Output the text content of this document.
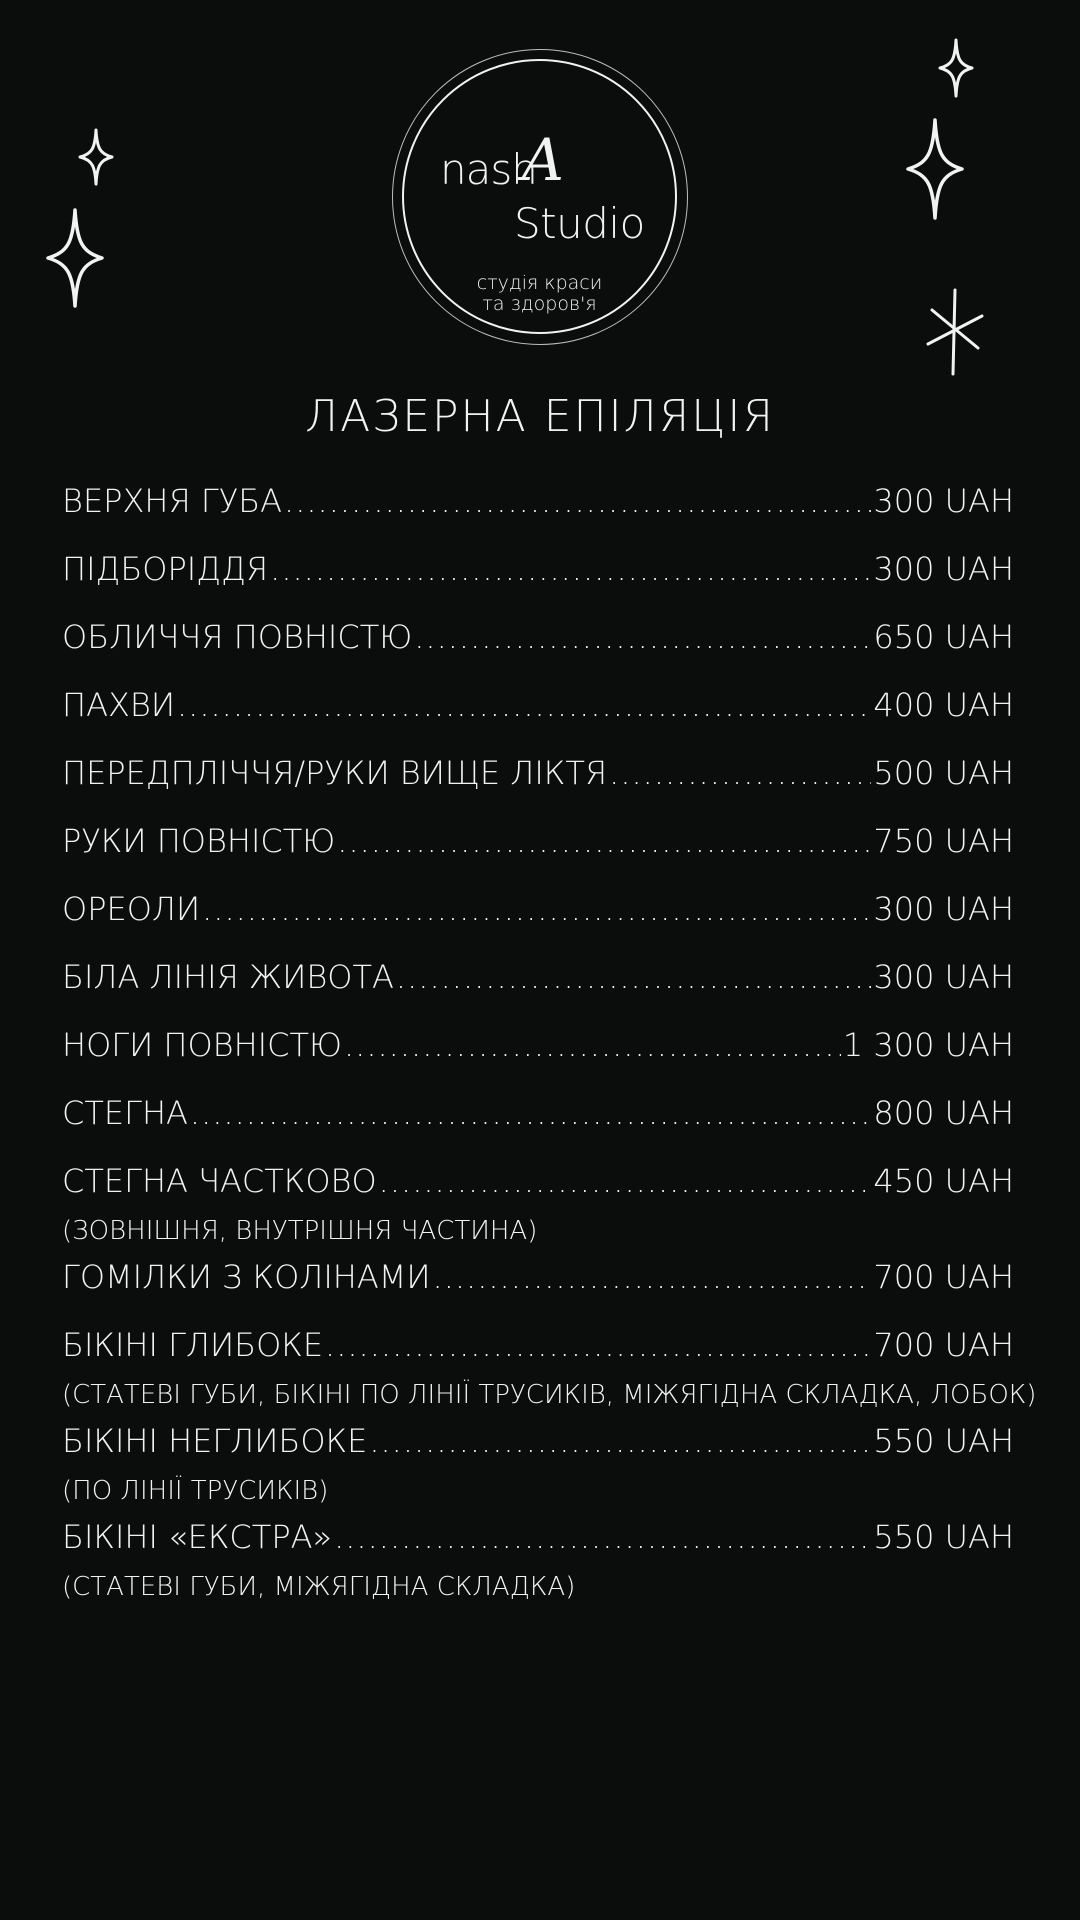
nash
A
Studio
студія краси
та здоров'я
ЛАЗЕРНА ЕПІЛЯЦІЯ
ВЕРХНЯ ГУБА .....	300 UAH
ПІДБОРІДДЯ .....	300 UAH
ОБЛИЧЧЯ ПОВНІСТЮ .....	650 UAH
ПАХВИ .....	400 UAH
ПЕРЕДПЛІЧЧЯ/РУКИ ВИЩЕ ЛІКТЯ .....	500 UAH
РУКИ ПОВНІСТЮ .....	750 UAH
ОРЕОЛИ .....	300 UAH
БІЛА ЛІНІЯ ЖИВОТА .....	300 UAH
НОГИ ПОВНІСТЮ .....	1 300 UAH
СТЕГНА .....	800 UAH
СТЕГНА ЧАСТКОВО .....	450 UAH
(ЗОВНІШНЯ, ВНУТРІШНЯ ЧАСТИНА)
ГОМІЛКИ З КОЛІНАМИ .....	700 UAH
БІКІНІ ГЛИБОКЕ .....	700 UAH
(СТАТЕВІ ГУБИ, БІКІНІ ПО ЛІНІЇ ТРУСИКІВ, МІЖЯГІДНА СКЛАДКА, ЛОБОК)
БІКІНІ НЕГЛИБОКЕ .....	550 UAH
(ПО ЛІНІЇ ТРУСИКІВ)
БІКІНІ «ЕКСТРА» .....	550 UAH
(СТАТЕВІ ГУБИ, МІЖЯГІДНА СКЛАДКА)
